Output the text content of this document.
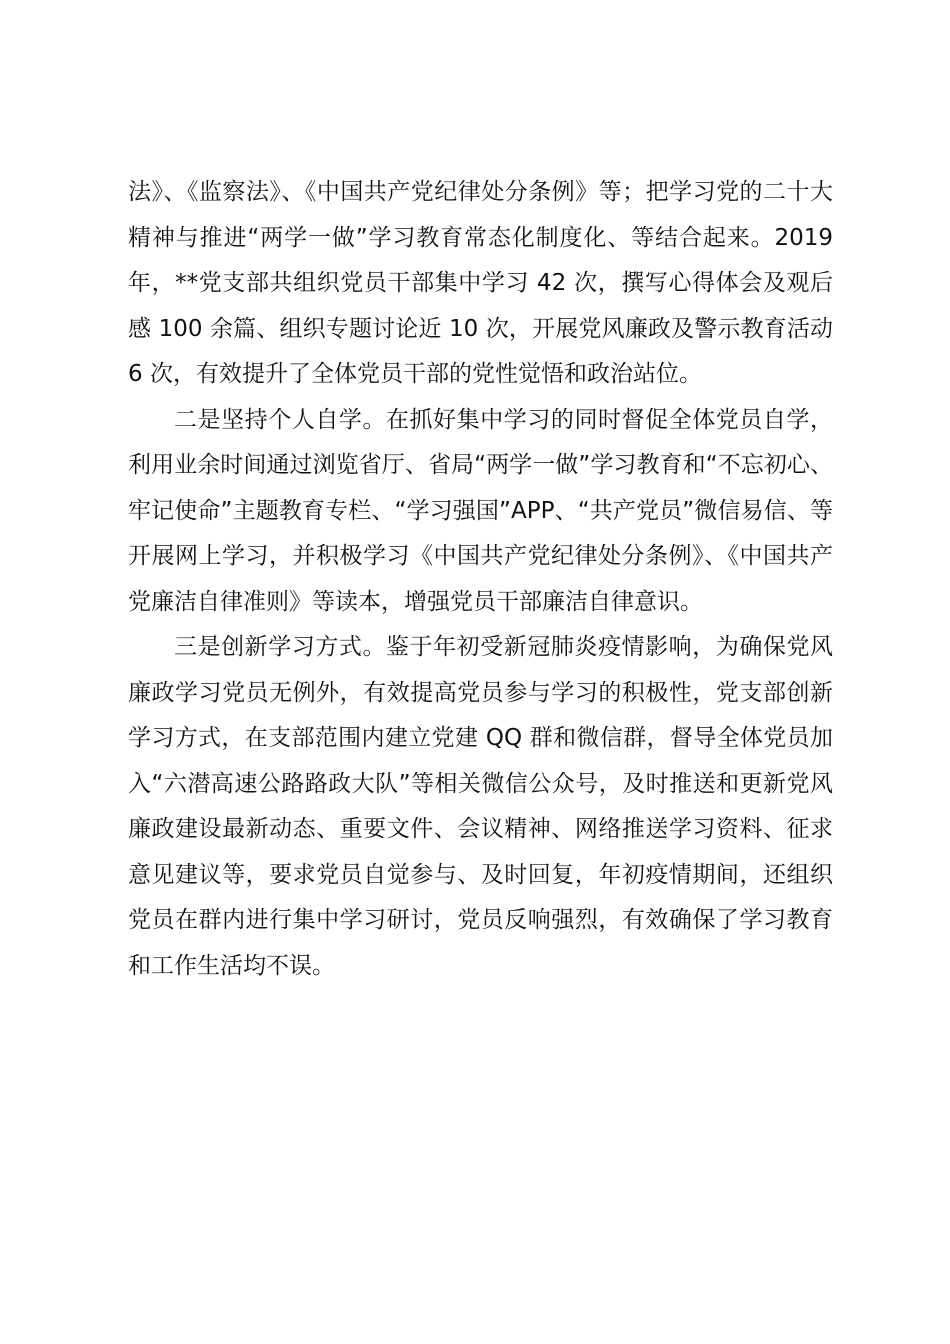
法》、《监察法》、《中国共产党纪律处分条例》等；把学习党的二十大精神与推进“两学一做”学习教育常态化制度化、等结合起来。2019 年，**党支部共组织党员干部集中学习 42 次，撰写心得体会及观后感 100 余篇、组织专题讨论近 10 次，开展党风廉政及警示教育活动 6 次，有效提升了全体党员干部的党性觉悟和政治站位。

二是坚持个人自学。在抓好集中学习的同时督促全体党员自学，利用业余时间通过浏览省厅、省局“两学一做”学习教育和“不忘初心、牢记使命”主题教育专栏、“学习强国”APP、“共产党员”微信易信、等开展网上学习，并积极学习《中国共产党纪律处分条例》、《中国共产党廉洁自律准则》等读本，增强党员干部廉洁自律意识。

三是创新学习方式。鉴于年初受新冠肺炎疫情影响，为确保党风廉政学习党员无例外，有效提高党员参与学习的积极性，党支部创新学习方式，在支部范围内建立党建 QQ 群和微信群，督导全体党员加入“六潜高速公路路政大队”等相关微信公众号，及时推送和更新党风廉政建设最新动态、重要文件、会议精神、网络推送学习资料、征求意见建议等，要求党员自觉参与、及时回复，年初疫情期间，还组织党员在群内进行集中学习研讨，党员反响强烈，有效确保了学习教育和工作生活均不误。
